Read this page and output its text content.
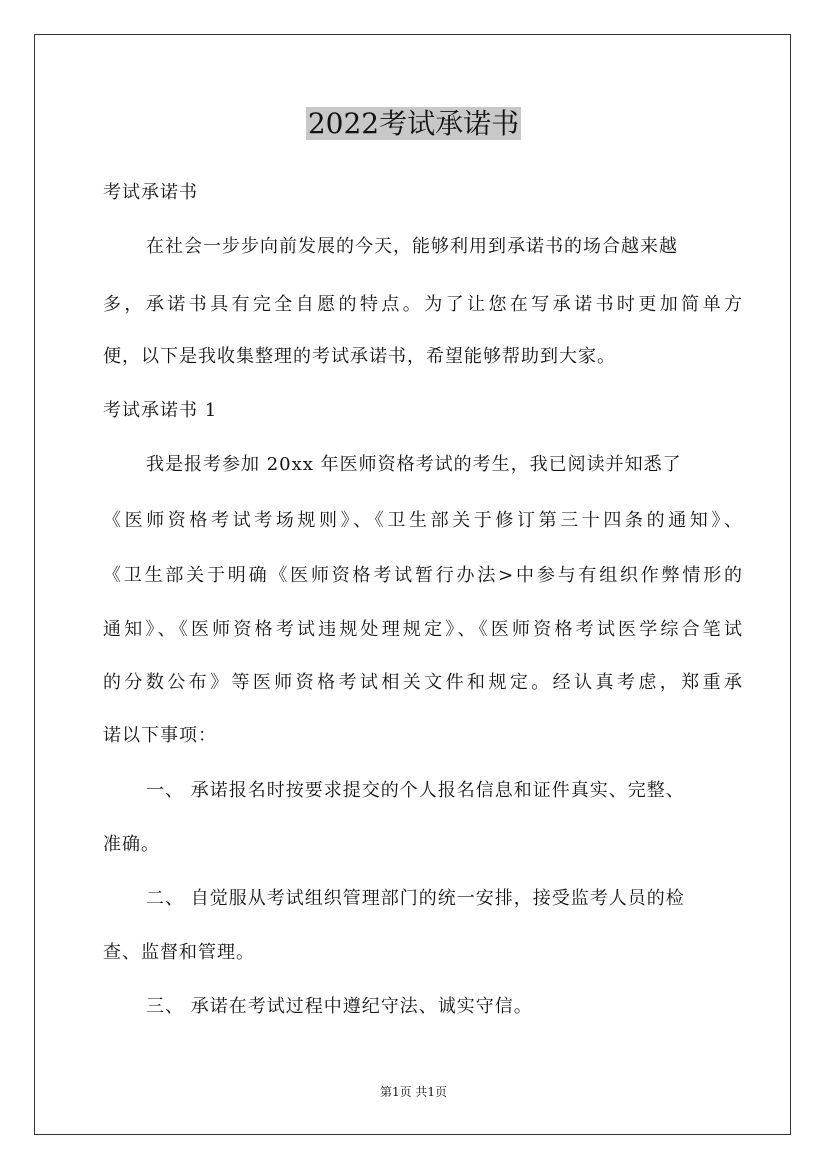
2022考试承诺书
考试承诺书
在社会一步步向前发展的今天，能够利用到承诺书的场合越来越
多，承诺书具有完全自愿的特点。为了让您在写承诺书时更加简单方
便，以下是我收集整理的考试承诺书，希望能够帮助到大家。
考试承诺书 1
我是报考参加 20xx 年医师资格考试的考生，我已阅读并知悉了
《医师资格考试考场规则》、《卫生部关于修订第三十四条的通知》、
《卫生部关于明确《医师资格考试暂行办法>中参与有组织作弊情形的
通知》、《医师资格考试违规处理规定》、《医师资格考试医学综合笔试
的分数公布》等医师资格考试相关文件和规定。经认真考虑，郑重承
诺以下事项：
一、 承诺报名时按要求提交的个人报名信息和证件真实、完整、
准确。
二、 自觉服从考试组织管理部门的统一安排，接受监考人员的检
查、监督和管理。
三、 承诺在考试过程中遵纪守法、诚实守信。
第1页 共1页
